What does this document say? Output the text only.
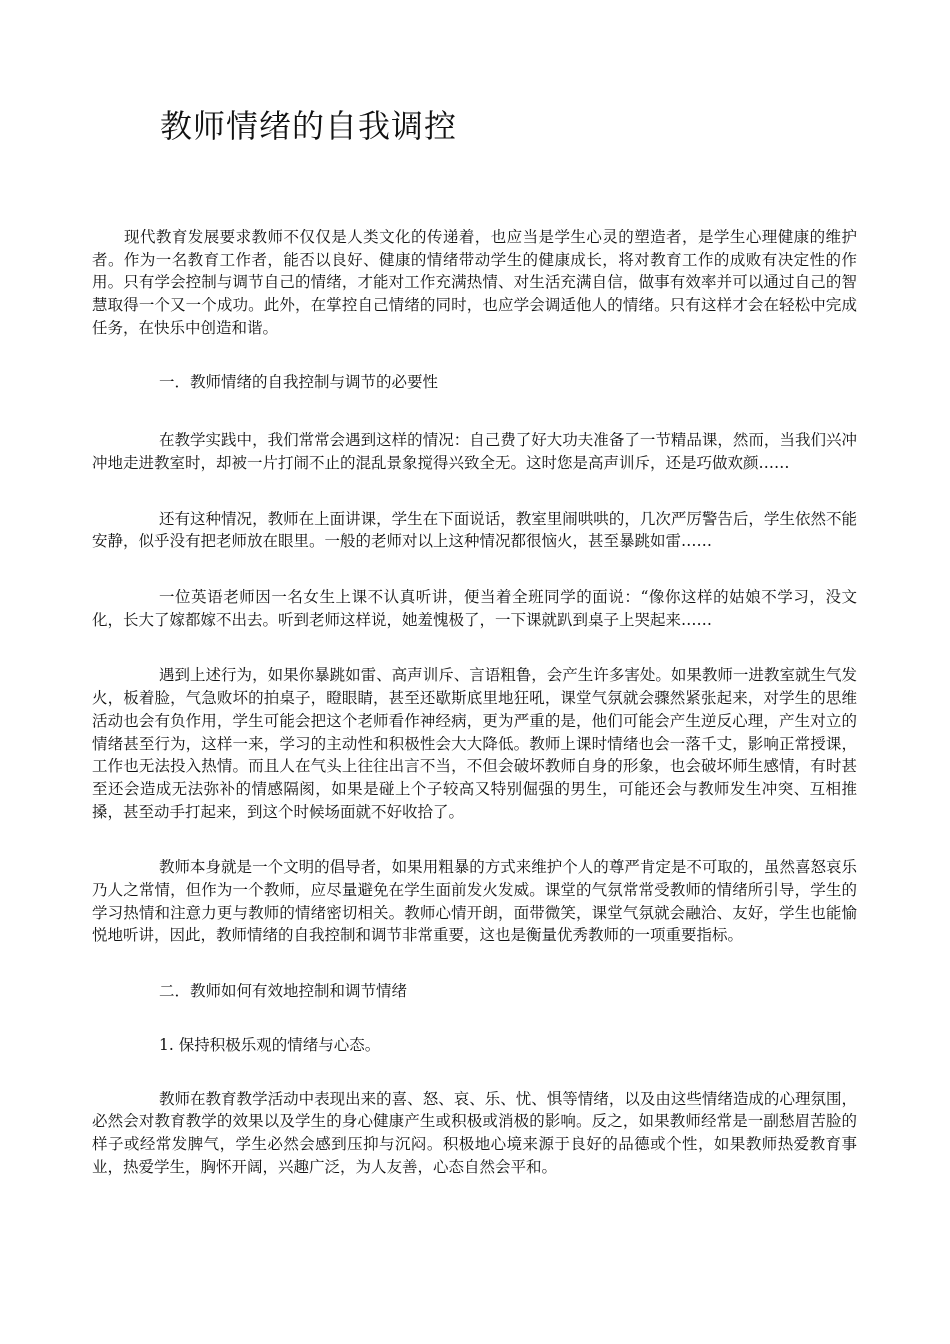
教师情绪的自我调控

现代教育发展要求教师不仅仅是人类文化的传递着，也应当是学生心灵的塑造者，是学生心理健康的维护者。作为一名教育工作者，能否以良好、健康的情绪带动学生的健康成长，将对教育工作的成败有决定性的作用。只有学会控制与调节自己的情绪，才能对工作充满热情、对生活充满自信，做事有效率并可以通过自己的智慧取得一个又一个成功。此外，在掌控自己情绪的同时，也应学会调适他人的情绪。只有这样才会在轻松中完成任务，在快乐中创造和谐。

一．教师情绪的自我控制与调节的必要性

在教学实践中，我们常常会遇到这样的情况：自己费了好大功夫准备了一节精品课，然而，当我们兴冲冲地走进教室时，却被一片打闹不止的混乱景象搅得兴致全无。这时您是高声训斥，还是巧做欢颜……

还有这种情况，教师在上面讲课，学生在下面说话，教室里闹哄哄的，几次严厉警告后，学生依然不能安静，似乎没有把老师放在眼里。一般的老师对以上这种情况都很恼火，甚至暴跳如雷……

一位英语老师因一名女生上课不认真听讲，便当着全班同学的面说：“像你这样的姑娘不学习，没文化，长大了嫁都嫁不出去。听到老师这样说，她羞愧极了，一下课就趴到桌子上哭起来……

遇到上述行为，如果你暴跳如雷、高声训斥、言语粗鲁，会产生许多害处。如果教师一进教室就生气发火，板着脸，气急败坏的拍桌子，瞪眼睛，甚至还歇斯底里地狂吼，课堂气氛就会骤然紧张起来，对学生的思维活动也会有负作用，学生可能会把这个老师看作神经病，更为严重的是，他们可能会产生逆反心理，产生对立的情绪甚至行为，这样一来，学习的主动性和积极性会大大降低。教师上课时情绪也会一落千丈，影响正常授课，工作也无法投入热情。而且人在气头上往往出言不当，不但会破坏教师自身的形象，也会破坏师生感情，有时甚至还会造成无法弥补的情感隔阂，如果是碰上个子较高又特别倔强的男生，可能还会与教师发生冲突、互相推搡，甚至动手打起来，到这个时候场面就不好收拾了。

教师本身就是一个文明的倡导者，如果用粗暴的方式来维护个人的尊严肯定是不可取的，虽然喜怒哀乐乃人之常情，但作为一个教师，应尽量避免在学生面前发火发威。课堂的气氛常常受教师的情绪所引导，学生的学习热情和注意力更与教师的情绪密切相关。教师心情开朗，面带微笑，课堂气氛就会融洽、友好，学生也能愉悦地听讲，因此，教师情绪的自我控制和调节非常重要，这也是衡量优秀教师的一项重要指标。

二．教师如何有效地控制和调节情绪

1. 保持积极乐观的情绪与心态。

教师在教育教学活动中表现出来的喜、怒、哀、乐、忧、惧等情绪，以及由这些情绪造成的心理氛围，必然会对教育教学的效果以及学生的身心健康产生或积极或消极的影响。反之，如果教师经常是一副愁眉苦脸的样子或经常发脾气，学生必然会感到压抑与沉闷。积极地心境来源于良好的品德或个性，如果教师热爱教育事业，热爱学生，胸怀开阔，兴趣广泛，为人友善，心态自然会平和。
